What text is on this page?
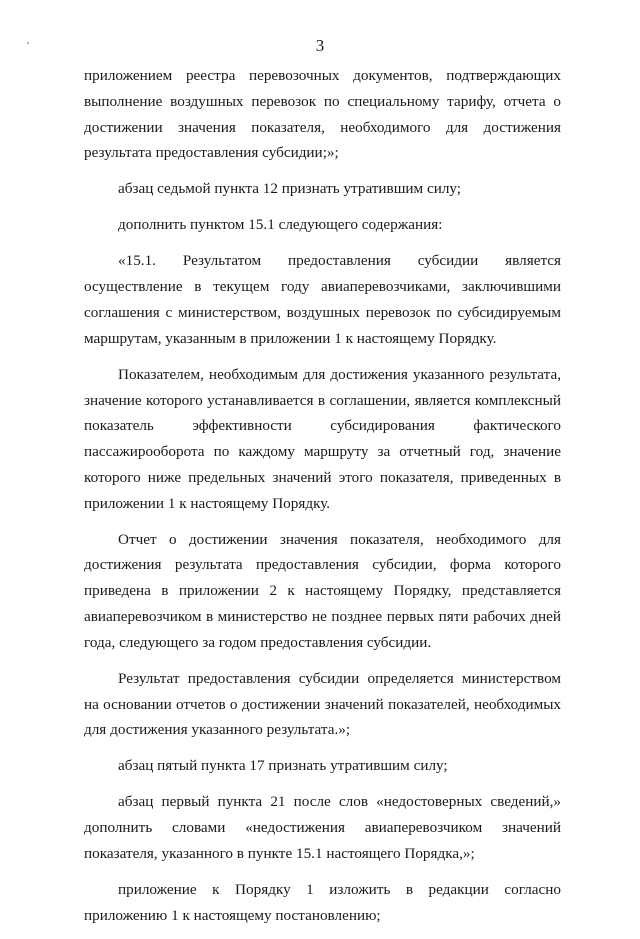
3
′

приложением реестра перевозочных документов, подтверждающих выполнение воздушных перевозок по специальному тарифу, отчета о достижении значения показателя, необходимого для достижения результата предоставления субсидии;»;

абзац седьмой пункта 12 признать утратившим силу;

дополнить пунктом 15.1 следующего содержания:

«15.1. Результатом предоставления субсидии является осуществление в текущем году авиаперевозчиками, заключившими соглашения с министерством, воздушных перевозок по субсидируемым маршрутам, указанным в приложении 1 к настоящему Порядку.

Показателем, необходимым для достижения указанного результата, значение которого устанавливается в соглашении, является комплексный показатель эффективности субсидирования фактического пассажирооборота по каждому маршруту за отчетный год, значение которого ниже предельных значений этого показателя, приведенных в приложении 1 к настоящему Порядку.

Отчет о достижении значения показателя, необходимого для достижения результата предоставления субсидии, форма которого приведена в приложении 2 к настоящему Порядку, представляется авиаперевозчиком в министерство не позднее первых пяти рабочих дней года, следующего за годом предоставления субсидии.

Результат предоставления субсидии определяется министерством на основании отчетов о достижении значений показателей, необходимых для достижения указанного результата.»;

абзац пятый пункта 17 признать утратившим силу;

абзац первый пункта 21 после слов «недостоверных сведений,» дополнить словами «недостижения авиаперевозчиком значений показателя, указанного в пункте 15.1 настоящего Порядка,»;

приложение к Порядку 1 изложить в редакции согласно приложению 1 к настоящему постановлению;
